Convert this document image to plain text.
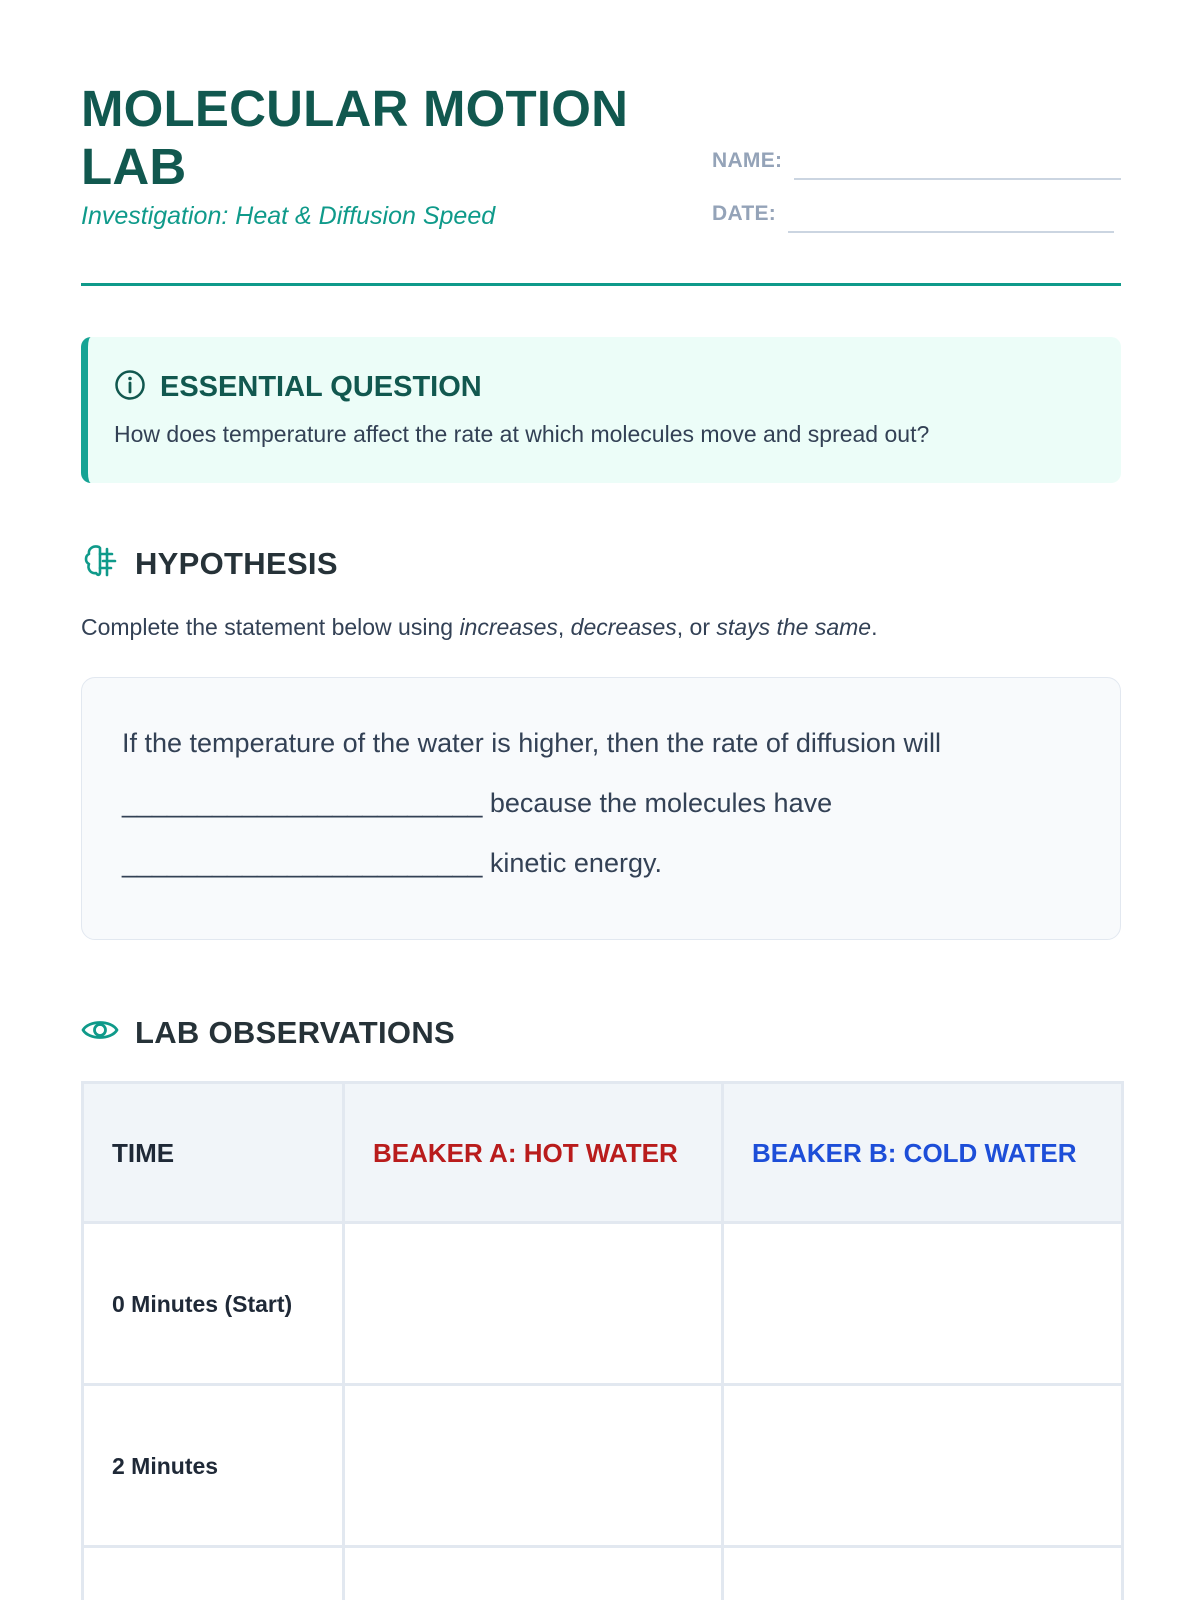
MOLECULAR MOTION LAB
Investigation: Heat & Diffusion Speed
NAME:
DATE:
ESSENTIAL QUESTION
How does temperature affect the rate at which molecules move and spread out?
HYPOTHESIS
Complete the statement below using increases, decreases, or stays the same.
If the temperature of the water is higher, then the rate of diffusion will
________________________ because the molecules have
________________________ kinetic energy.
LAB OBSERVATIONS
TIME	BEAKER A: HOT WATER	BEAKER B: COLD WATER
0 Minutes (Start)		
2 Minutes		
